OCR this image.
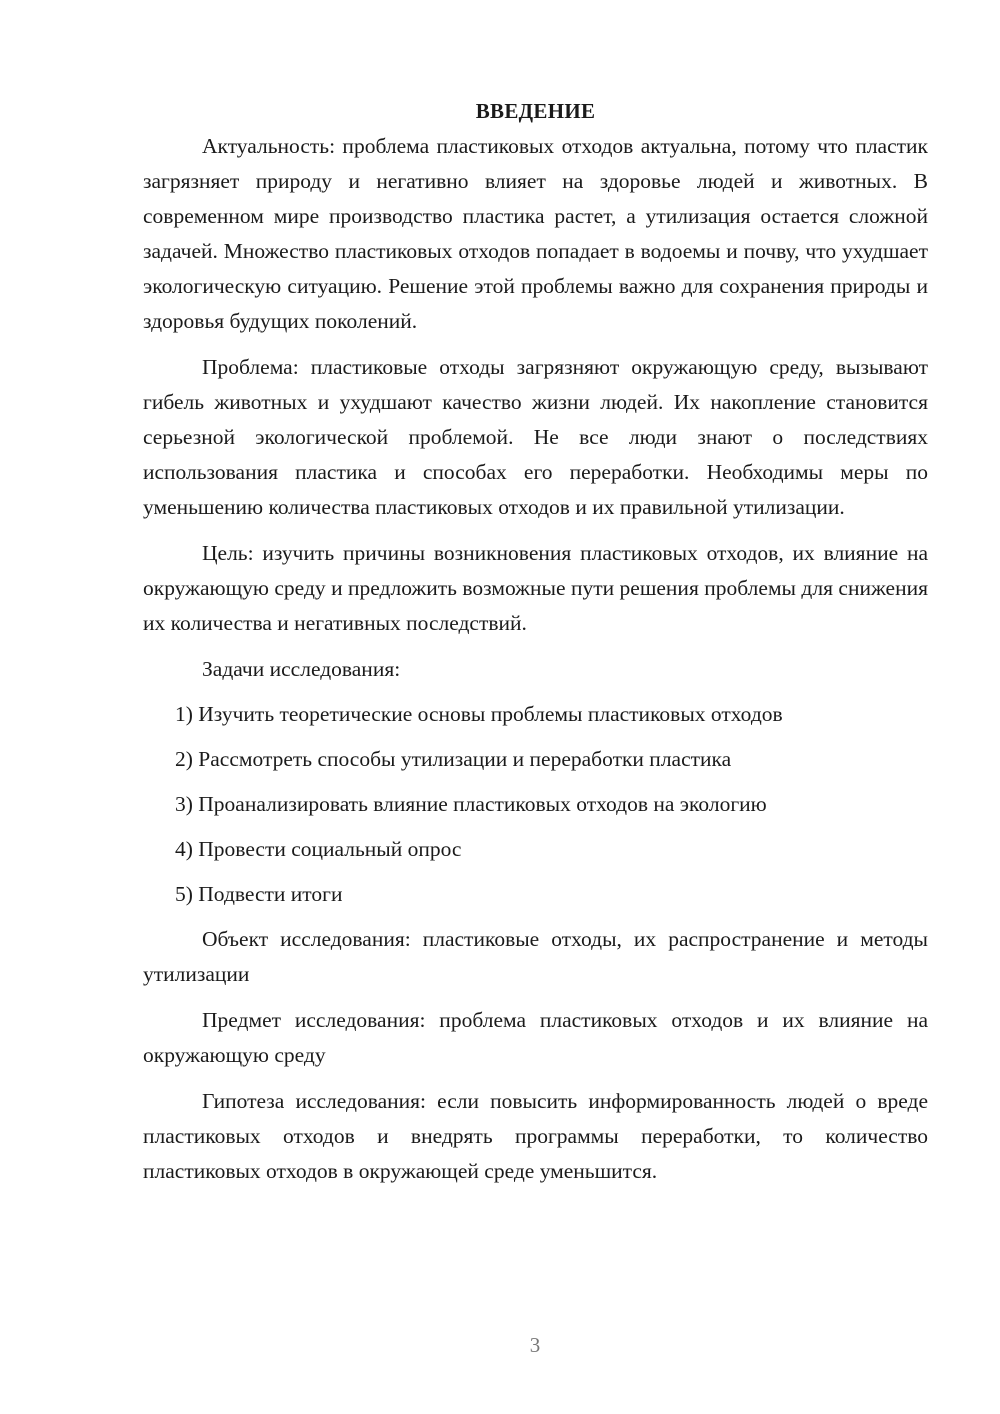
ВВЕДЕНИЕ

Актуальность: проблема пластиковых отходов актуальна, потому что пластик загрязняет природу и негативно влияет на здоровье людей и животных. В современном мире производство пластика растет, а утилизация остается сложной задачей. Множество пластиковых отходов попадает в водоемы и почву, что ухудшает экологическую ситуацию. Решение этой проблемы важно для сохранения природы и здоровья будущих поколений.

Проблема: пластиковые отходы загрязняют окружающую среду, вызывают гибель животных и ухудшают качество жизни людей. Их накопление становится серьезной экологической проблемой. Не все люди знают о последствиях использования пластика и способах его переработки. Необходимы меры по уменьшению количества пластиковых отходов и их правильной утилизации.

Цель: изучить причины возникновения пластиковых отходов, их влияние на окружающую среду и предложить возможные пути решения проблемы для снижения их количества и негативных последствий.

Задачи исследования:

1) Изучить теоретические основы проблемы пластиковых отходов
2) Рассмотреть способы утилизации и переработки пластика
3) Проанализировать влияние пластиковых отходов на экологию
4) Провести социальный опрос
5) Подвести итоги

Объект исследования: пластиковые отходы, их распространение и методы утилизации

Предмет исследования: проблема пластиковых отходов и их влияние на окружающую среду

Гипотеза исследования: если повысить информированность людей о вреде пластиковых отходов и внедрять программы переработки, то количество пластиковых отходов в окружающей среде уменьшится.

3
